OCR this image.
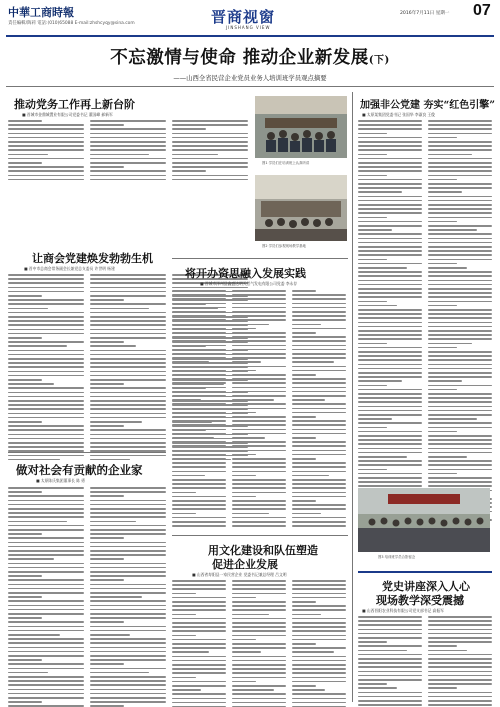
中華工商時報
責任編輯/陶莉 電話:(010)65088 E-mail:zhshcyqy@sina.com	晋商视窗
JINSHANG VIEW
2016年7月11日 星期一 07
不忘激情与使命 推动企业新发展(下)
——山西全省民营企业党员业务人培训班学员观点摘要
推动党务工作再上新台阶
■ 晋城市金鼎城置业有限公司党委书记 董国峰 郝新军
图1 学员们在培训班上认真听讲
加强非公党建 夯实“红色引擎”
■ 太原某集团党委书记 张国华 李淑良 王俊
让商会党建焕发勃勃生机
■ 晋中市总商会常务副会长兼党总支委员 许世明 杨建
图2 学员们参观现场教学基地
将开办资思融入发展实践
■ 晋城市泽州县鑫盛达明天然气发电有限公司党委 李永存
做对社会有贡献的企业家
■ 太原陈氏集团董事长 陈 勇
用文化建设和队伍塑造
促进企业发展
■ 山西省寿阳县一家民营企业 党委书记兼总经理 吕文明
图3 培训班学员合影留念
党史讲座深入人心
现场教学深受震撼
■ 山西晋阳农业科技有限公司党支部书记 高振军
